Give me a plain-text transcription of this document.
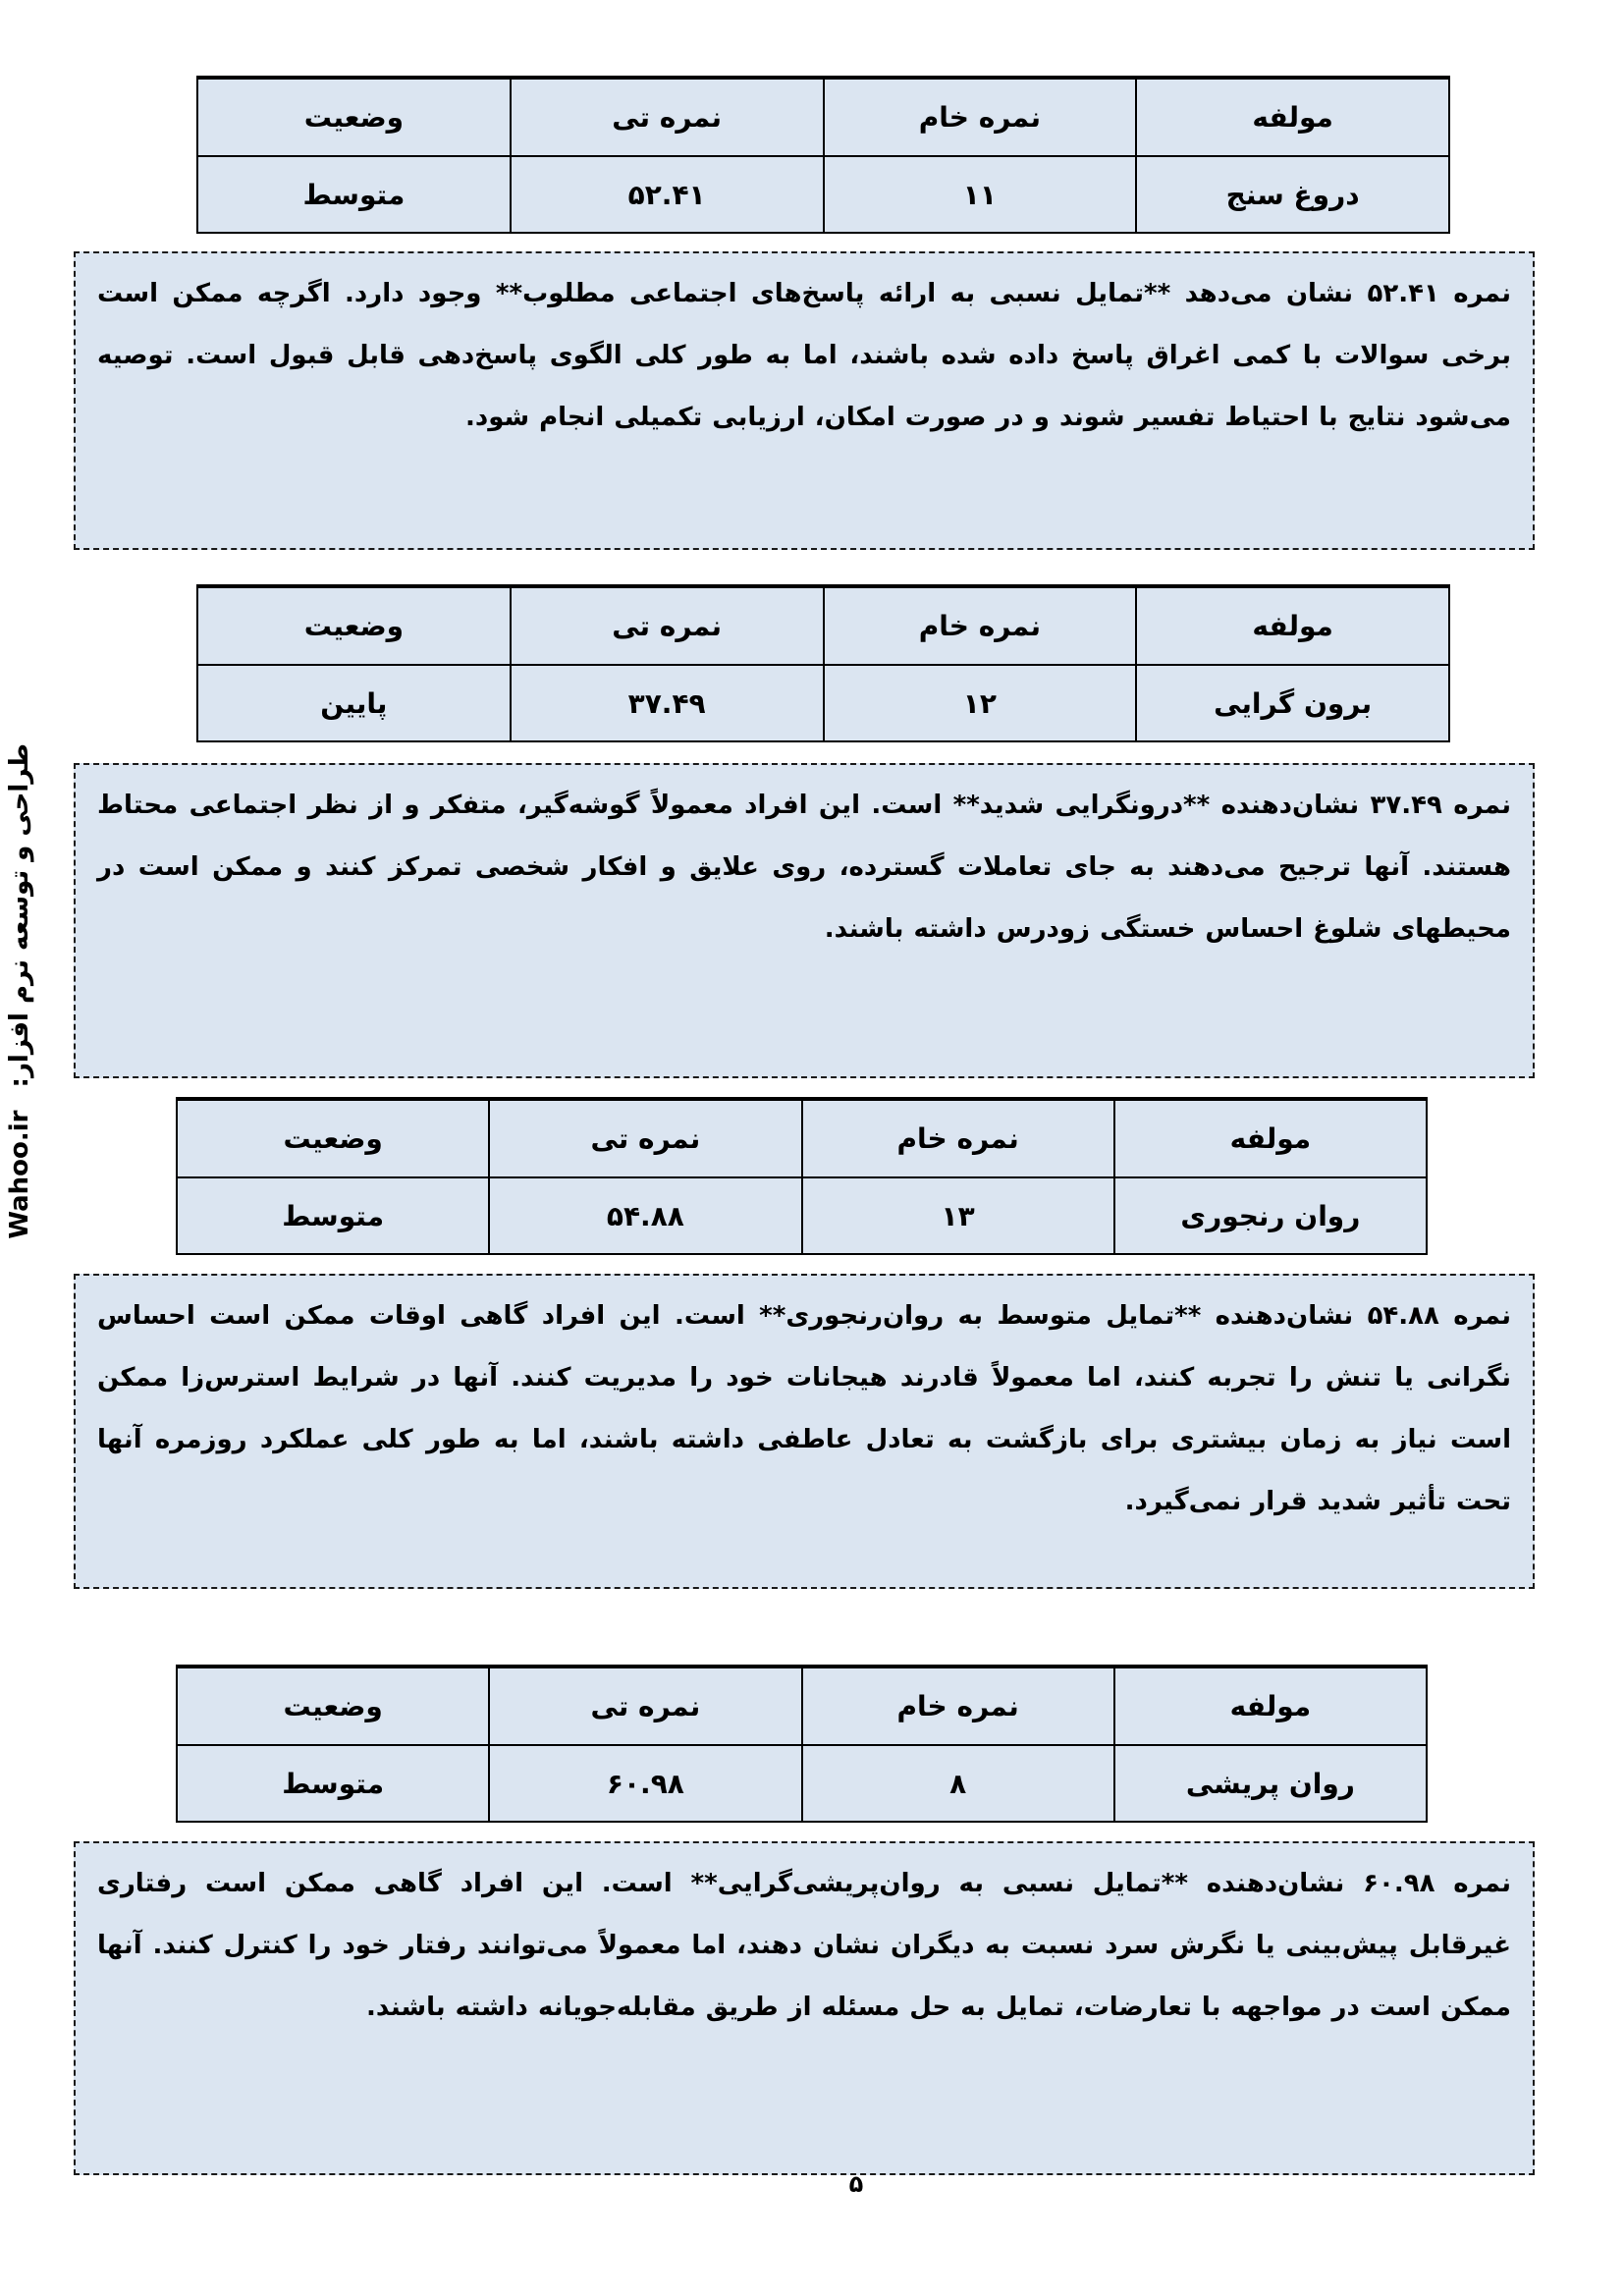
طراحی و توسعه نرم افزار: Wahoo.ir
مولفه	نمره خام	نمره تی	وضعیت
دروغ سنج	۱۱	۵۲.۴۱	متوسط

نمره ۵۲.۴۱ نشان می‌دهد **تمایل نسبی به ارائه پاسخ‌های اجتماعی مطلوب** وجود دارد. اگرچه ممکن است برخی سوالات با کمی اغراق پاسخ داده شده باشند، اما به طور کلی الگوی پاسخ‌دهی قابل قبول است. توصیه می‌شود نتایج با احتیاط تفسیر شوند و در صورت امکان، ارزیابی تکمیلی انجام شود.

مولفه	نمره خام	نمره تی	وضعیت
برون گرایی	۱۲	۳۷.۴۹	پایین

نمره ۳۷.۴۹ نشان‌دهنده **درونگرایی شدید** است. این افراد معمولاً گوشه‌گیر، متفکر و از نظر اجتماعی محتاط هستند. آنها ترجیح می‌دهند به جای تعاملات گسترده، روی علایق و افکار شخصی تمرکز کنند و ممکن است در محیطهای شلوغ احساس خستگی زودرس داشته باشند.

مولفه	نمره خام	نمره تی	وضعیت
روان رنجوری	۱۳	۵۴.۸۸	متوسط

نمره ۵۴.۸۸ نشان‌دهنده **تمایل متوسط به روان‌رنجوری** است. این افراد گاهی اوقات ممکن است احساس نگرانی یا تنش را تجربه کنند، اما معمولاً قادرند هیجانات خود را مدیریت کنند. آنها در شرایط استرس‌زا ممکن است نیاز به زمان بیشتری برای بازگشت به تعادل عاطفی داشته باشند، اما به طور کلی عملکرد روزمره آنها تحت تأثیر شدید قرار نمی‌گیرد.

مولفه	نمره خام	نمره تی	وضعیت
روان پریشی	۸	۶۰.۹۸	متوسط

نمره ۶۰.۹۸ نشان‌دهنده **تمایل نسبی به روان‌پریشی‌گرایی** است. این افراد گاهی ممکن است رفتاری غیرقابل پیش‌بینی یا نگرش سرد نسبت به دیگران نشان دهند، اما معمولاً می‌توانند رفتار خود را کنترل کنند. آنها ممکن است در مواجهه با تعارضات، تمایل به حل مسئله از طریق مقابله‌جویانه داشته باشند.

۵
